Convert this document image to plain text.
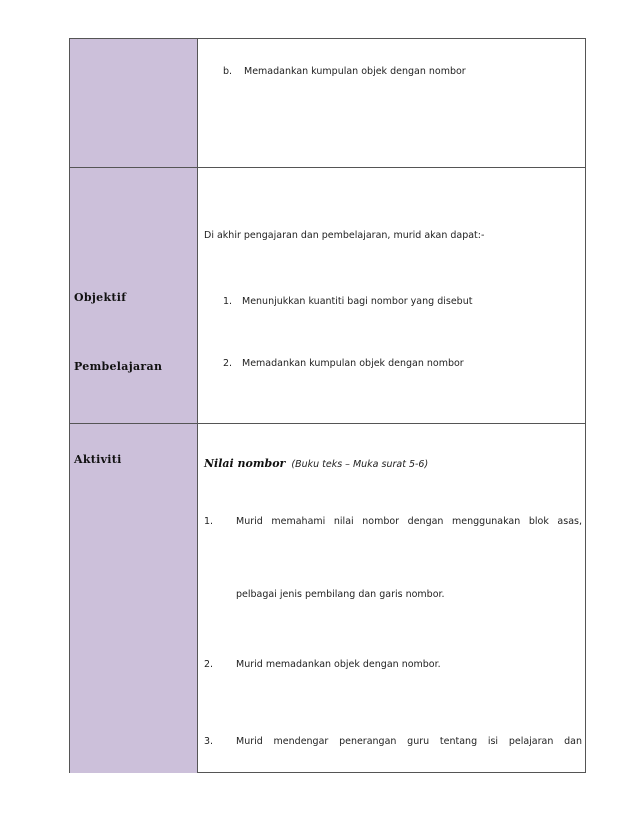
b. Memadankan kumpulan objek dengan nombor
Objektif
Pembelajaran
Di akhir pengajaran dan pembelajaran, murid akan dapat:-
1. Menunjukkan kuantiti bagi nombor yang disebut
2. Memadankan kumpulan objek dengan nombor
Aktiviti	Nilai nombor (Buku teks – Muka surat 5-6)
1. Murid memahami nilai nombor dengan menggunakan blok asas,
pelbagai jenis pembilang dan garis nombor.
2. Murid memadankan objek dengan nombor.
3. Murid mendengar penerangan guru tentang isi pelajaran dan
